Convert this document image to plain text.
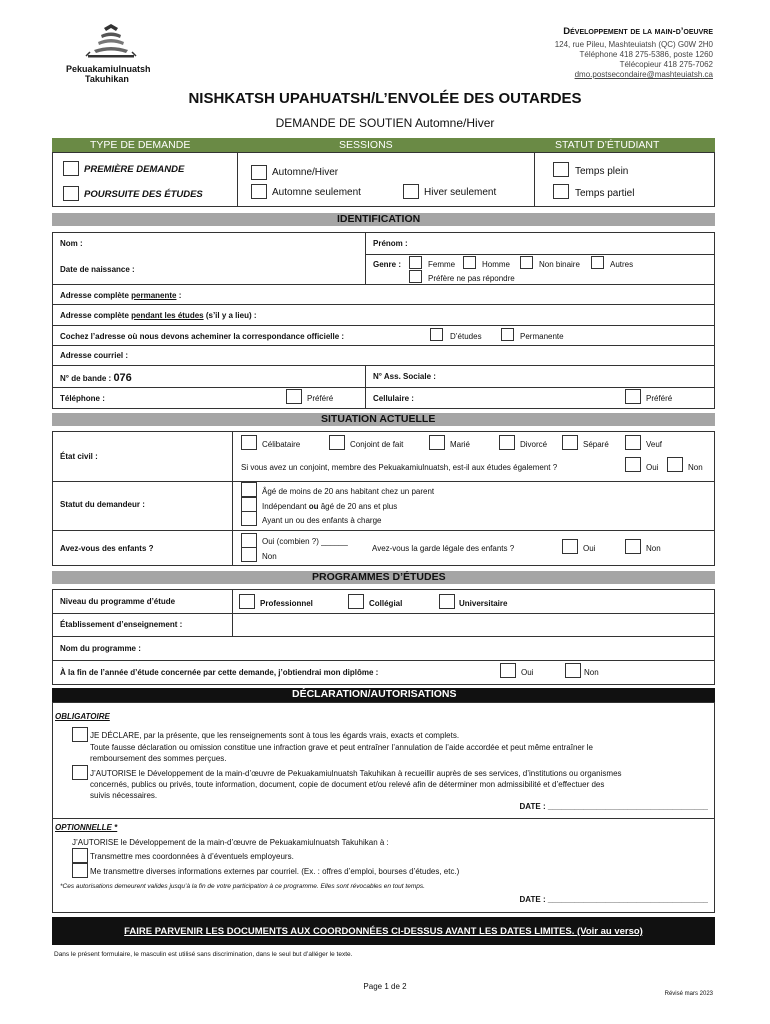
Pekuakamiulnuatsh
Takuhikan
Développement de la main-d’oeuvre
124, rue Pileu, Mashteuiatsh (QC) G0W 2H0
Téléphone 418 275-5386, poste 1260
Télécopieur 418 275-7062
dmo.postsecondaire@mashteuiatsh.ca
NISHKATSH UPAHUATSH/L’ENVOLÉE DES OUTARDES
DEMANDE DE SOUTIEN Automne/Hiver
TYPE DE DEMANDE	SESSIONS	STATUT D’ÉTUDIANT
PREMIÈRE DEMANDE
POURSUITE DES ÉTUDES
Automne/Hiver
Automne seulement	Hiver seulement
Temps plein
Temps partiel
IDENTIFICATION
Nom :	Prénom :
Date de naissance :
Genre :	Femme	Homme	Non binaire	Autres
Préfère ne pas répondre
Adresse complète permanente :
Adresse complète pendant les études (s’il y a lieu) :
Cochez l’adresse où nous devons acheminer la correspondance officielle :	D’études	Permanente
Adresse courriel :
N° de bande : 076	N° Ass. Sociale :
Téléphone :	Préféré	Cellulaire :	Préféré
SITUATION ACTUELLE
État civil :
Célibataire	Conjoint de fait	Marié	Divorcé	Séparé	Veuf
Si vous avez un conjoint, membre des Pekuakamiulnuatsh, est-il aux études également ?	Oui	Non
Statut du demandeur :
Âgé de moins de 20 ans habitant chez un parent
Indépendant ou âgé de 20 ans et plus
Ayant un ou des enfants à charge
Avez-vous des enfants ?
Oui (combien ?) ______
Non
Avez-vous la garde légale des enfants ?	Oui	Non
PROGRAMMES D’ÉTUDES
Niveau du programme d’étude	Professionnel	Collégial	Universitaire
Établissement d’enseignement :
Nom du programme :
À la fin de l’année d’étude concernée par cette demande, j’obtiendrai mon diplôme :	Oui	Non
DÉCLARATION/AUTORISATIONS
OBLIGATOIRE
JE DÉCLARE, par la présente, que les renseignements sont à tous les égards vrais, exacts et complets.
Toute fausse déclaration ou omission constitue une infraction grave et peut entraîner l’annulation de l’aide accordée et peut même entraîner le
remboursement des sommes perçues.
J’AUTORISE le Développement de la main-d’œuvre de Pekuakamiulnuatsh Takuhikan à recueillir auprès de ses services, d’institutions ou organismes
concernés, publics ou privés, toute information, document, copie de document et/ou relevé afin de déterminer mon admissibilité et d’effectuer des
suivis nécessaires.
DATE : ____________________________________
OPTIONNELLE *
J’AUTORISE le Développement de la main-d’œuvre de Pekuakamiulnuatsh Takuhikan à :
Transmettre mes coordonnées à d’éventuels employeurs.
Me transmettre diverses informations externes par courriel. (Ex. : offres d’emploi, bourses d’études, etc.)
*Ces autorisations demeurent valides jusqu’à la fin de votre participation à ce programme. Elles sont révocables en tout temps.
DATE : ____________________________________
FAIRE PARVENIR LES DOCUMENTS AUX COORDONNÉES CI-DESSUS AVANT LES DATES LIMITES. (Voir au verso)
Dans le présent formulaire, le masculin est utilisé sans discrimination, dans le seul but d’alléger le texte.
Page 1 de 2
Révisé mars 2023
